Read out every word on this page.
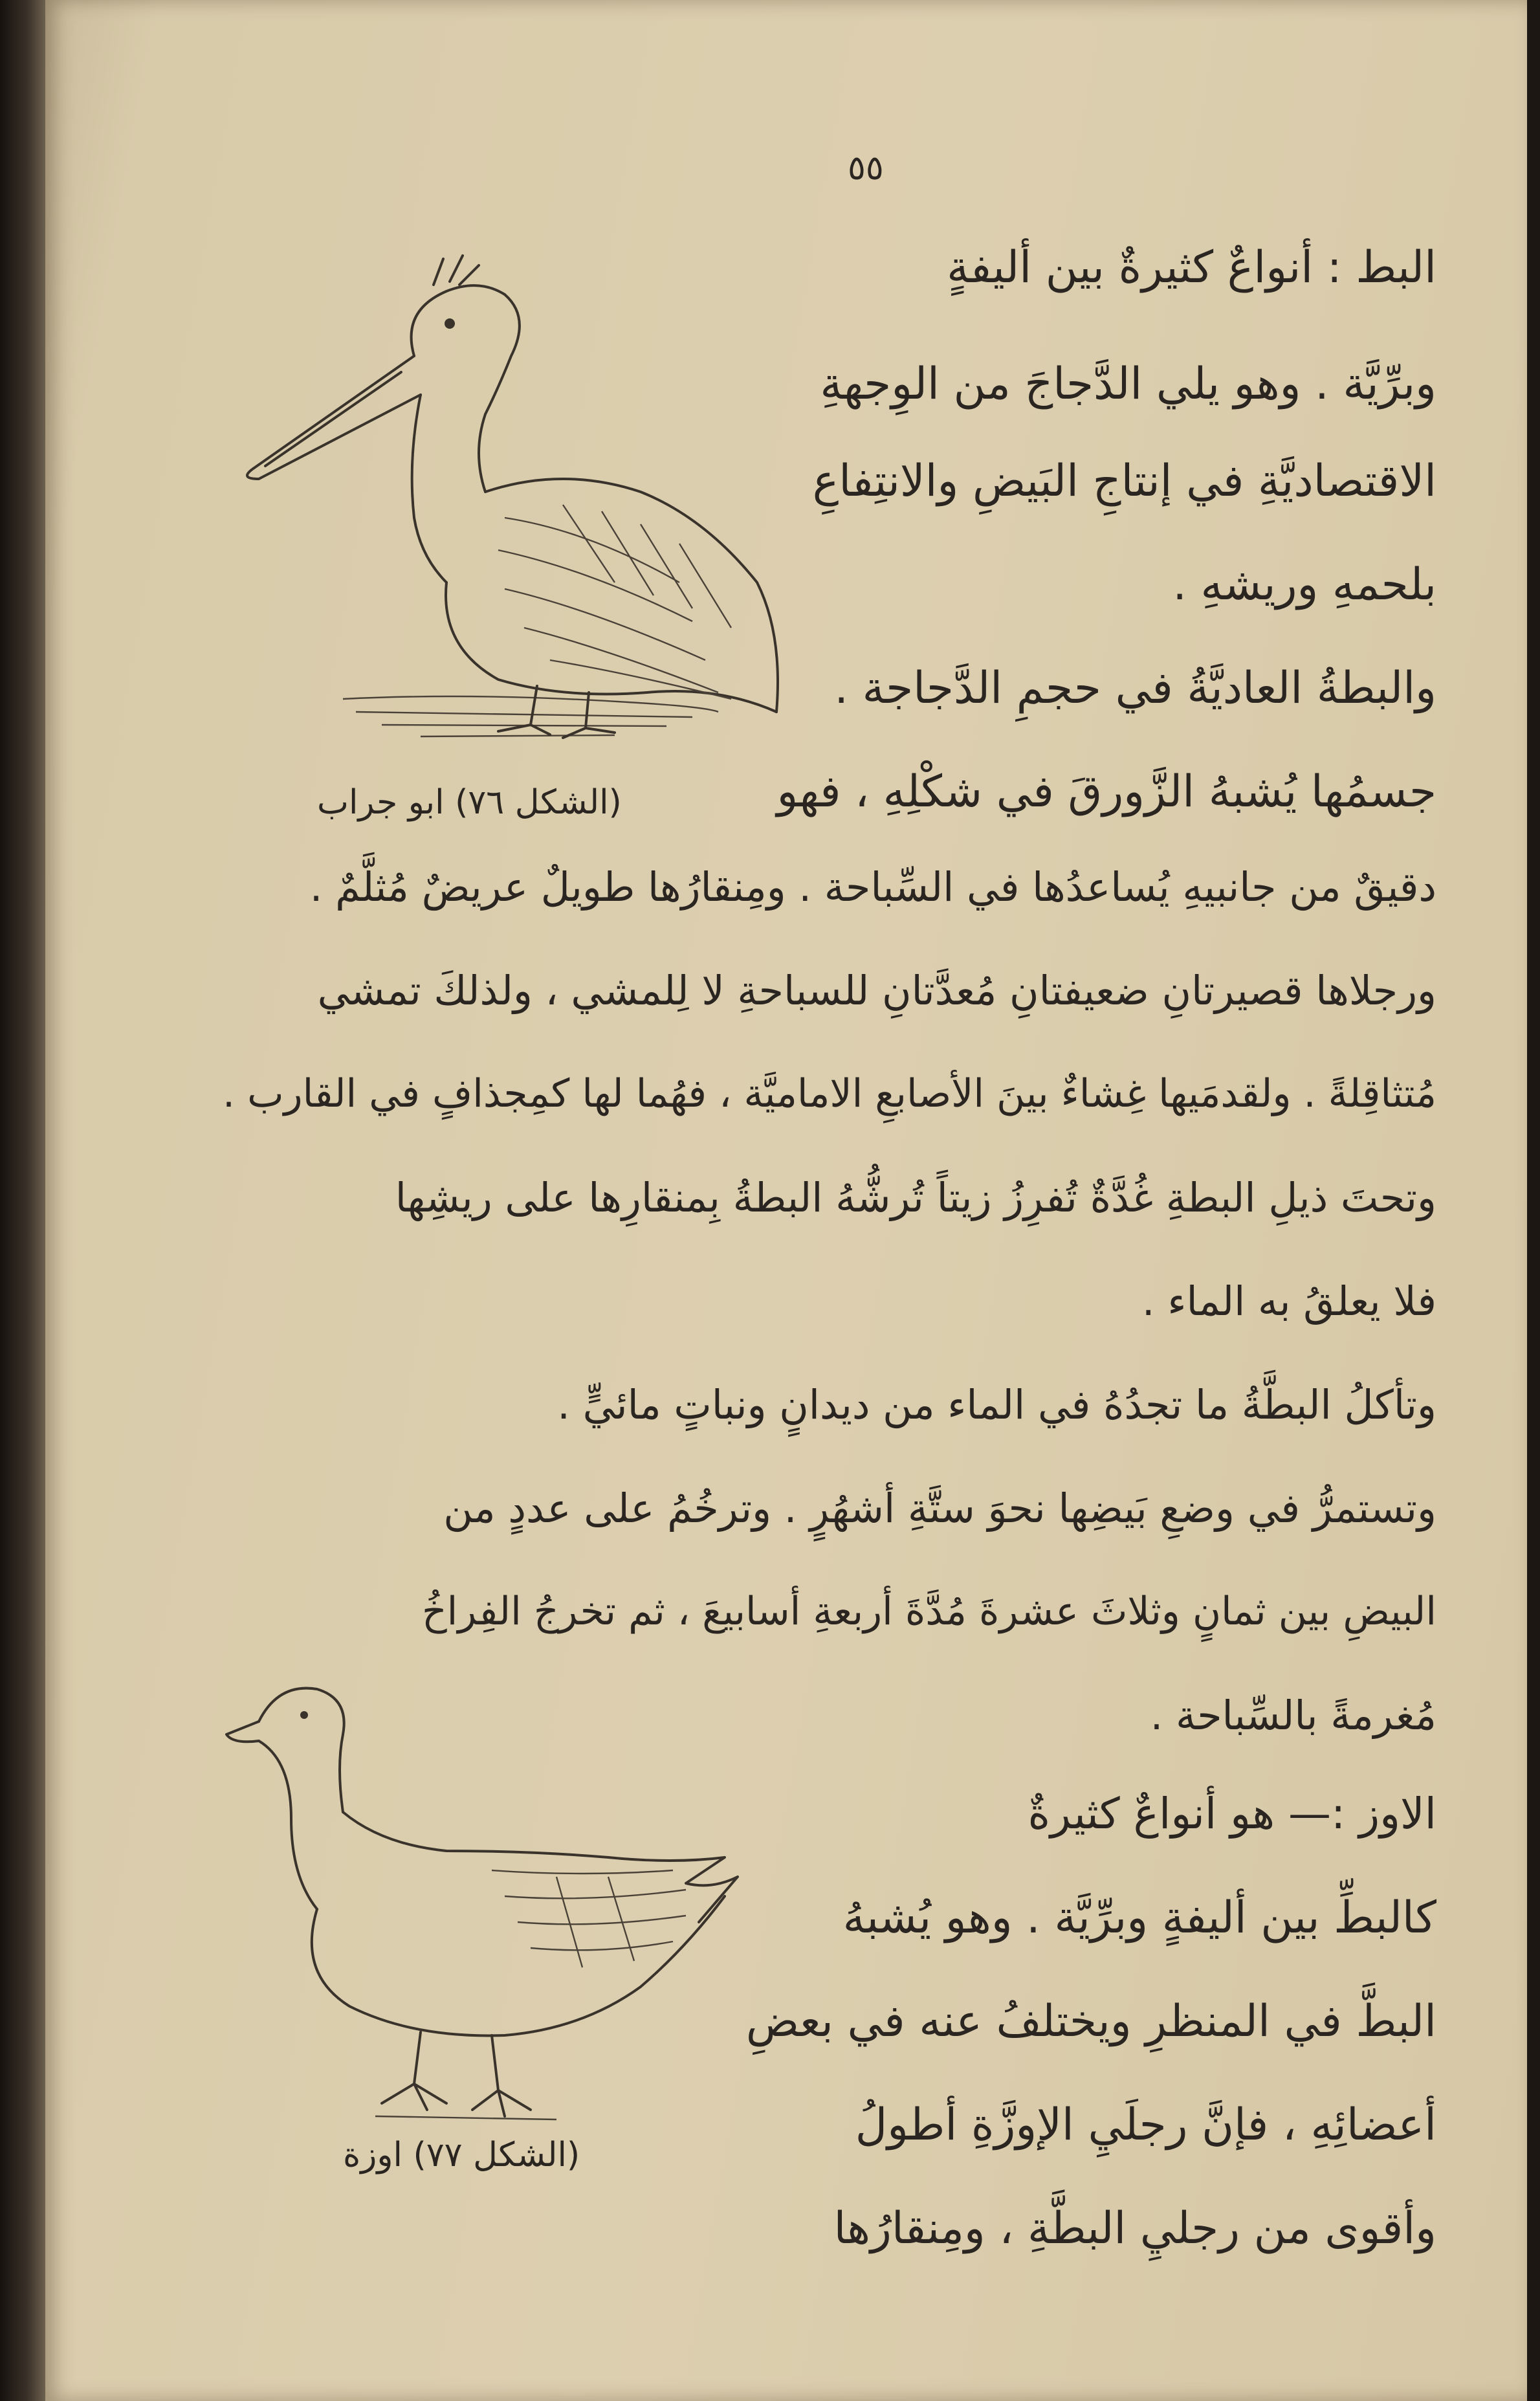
٥٥
(الشكل ٧٦) ابو جراب
البط : أنواعٌ كثيرةٌ بين أليفةٍ
وبرِّيَّة . وهو يلي الدَّجاجَ من الوِجهةِ
الاقتصاديَّةِ في إنتاجِ البَيضِ والانتِفاعِ
بلحمهِ وريشهِ .
والبطةُ العاديَّةُ في حجمِ الدَّجاجة .
جسمُها يُشبهُ الزَّورقَ في شكْلِهِ ، فهو
دقيقٌ من جانبيهِ يُساعدُها في السِّباحة . ومِنقارُها طويلٌ عريضٌ مُثلَّمٌ .
ورجلاها قصيرتانِ ضعيفتانِ مُعدَّتانِ للسباحةِ لا لِلمشي ، ولذلكَ تمشي
مُتثاقِلةً . ولقدمَيها غِشاءٌ بينَ الأصابعِ الاماميَّة ، فهُما لها كمِجذافٍ في القارب .
وتحتَ ذيلِ البطةِ غُدَّةٌ تُفرِزُ زيتاً تُرشُّهُ البطةُ بِمنقارِها على ريشِها
فلا يعلقُ به الماء .
وتأكلُ البطَّةُ ما تجدُهُ في الماء من ديدانٍ ونباتٍ مائيٍّ .
وتستمرُّ في وضعِ بَيضِها نحوَ ستَّةِ أشهُرٍ . وترخُمُ على عددٍ من
البيضِ بين ثمانٍ وثلاثَ عشرةَ مُدَّةَ أربعةِ أسابيعَ ، ثم تخرجُ الفِراخُ
مُغرمةً بالسِّباحة .
(الشكل ٧٧) اوزة
الاوز :— هو أنواعٌ كثيرةٌ
كالبطِّ بين أليفةٍ وبرِّيَّة . وهو يُشبهُ
البطَّ في المنظرِ ويختلفُ عنه في بعضِ
أعضائِهِ ، فإنَّ رجلَيِ الإوزَّةِ أطولُ
وأقوى من رجليِ البطَّةِ ، ومِنقارُها
